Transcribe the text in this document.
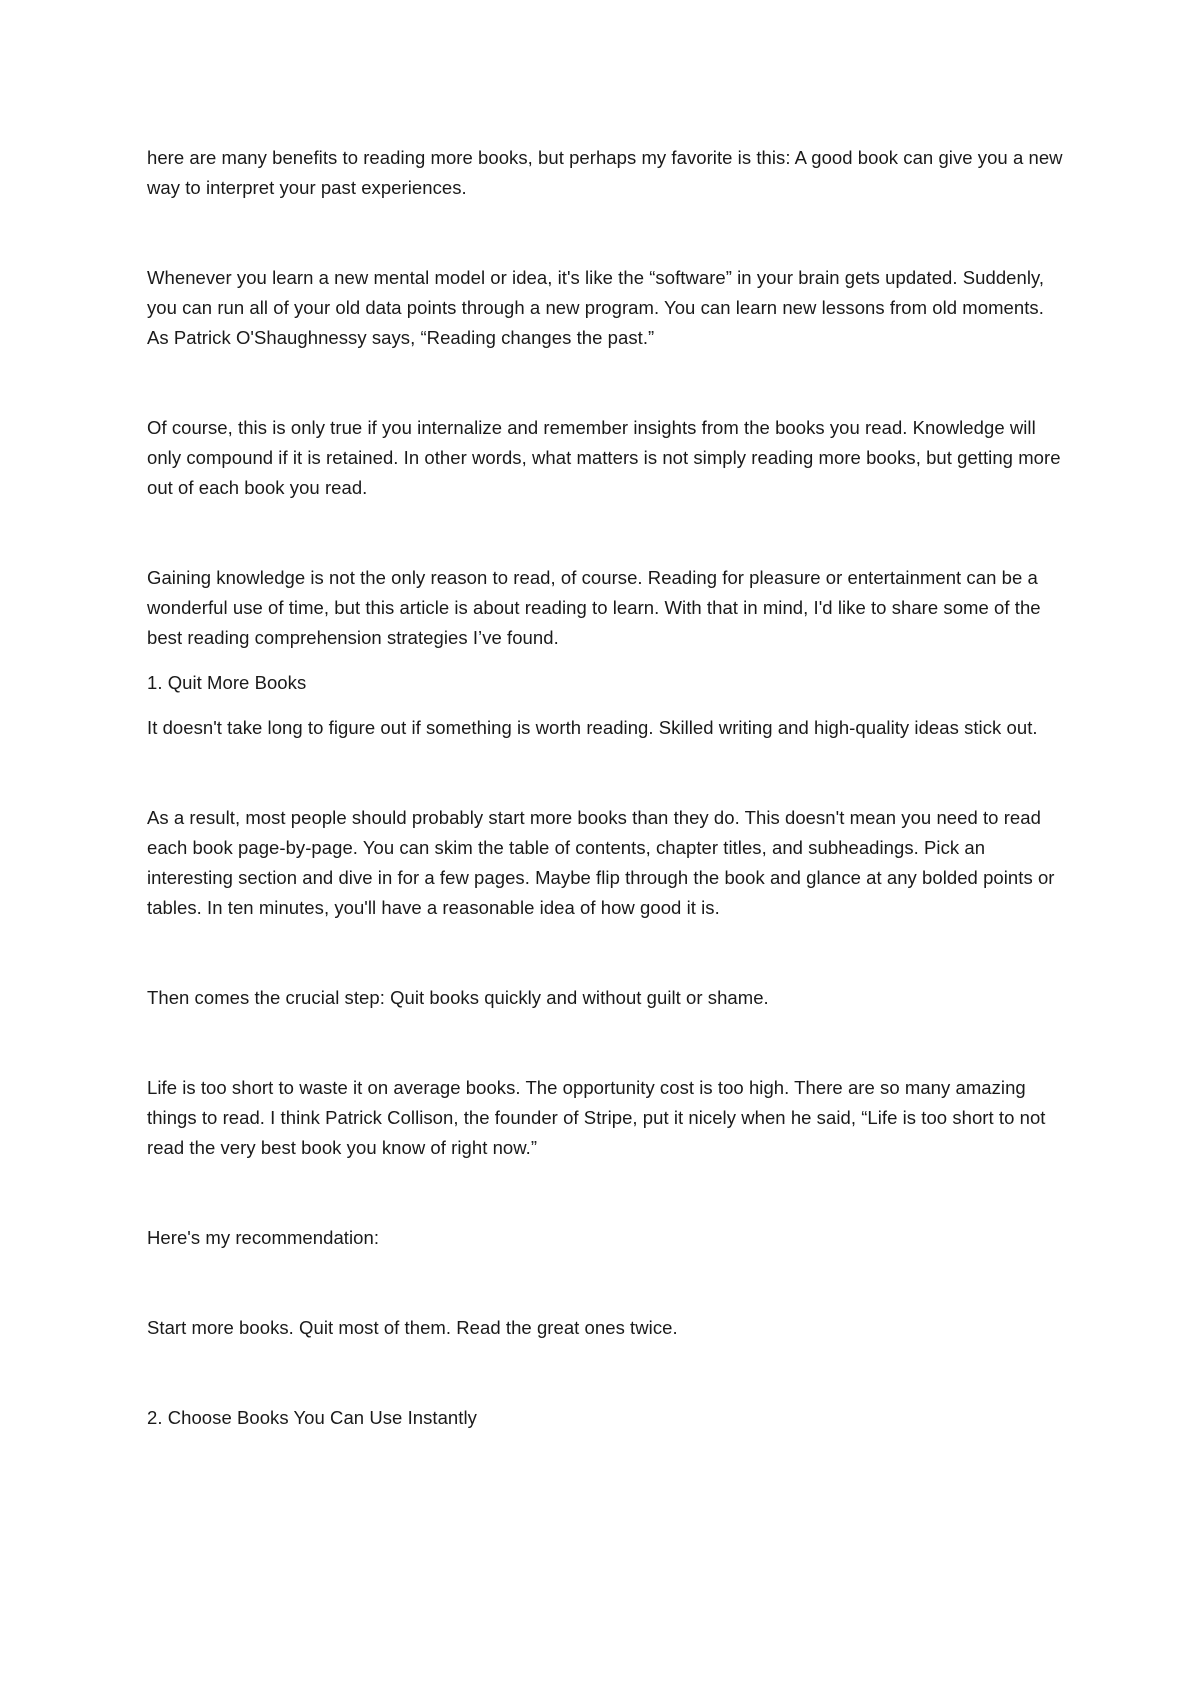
here are many benefits to reading more books, but perhaps my favorite is this: A good book can give you a new way to interpret your past experiences.

Whenever you learn a new mental model or idea, it's like the “software” in your brain gets updated. Suddenly, you can run all of your old data points through a new program. You can learn new lessons from old moments. As Patrick O'Shaughnessy says, “Reading changes the past.”

Of course, this is only true if you internalize and remember insights from the books you read. Knowledge will only compound if it is retained. In other words, what matters is not simply reading more books, but getting more out of each book you read.

Gaining knowledge is not the only reason to read, of course. Reading for pleasure or entertainment can be a wonderful use of time, but this article is about reading to learn. With that in mind, I'd like to share some of the best reading comprehension strategies I’ve found.

1. Quit More Books

It doesn't take long to figure out if something is worth reading. Skilled writing and high-quality ideas stick out.

As a result, most people should probably start more books than they do. This doesn't mean you need to read each book page-by-page. You can skim the table of contents, chapter titles, and subheadings. Pick an interesting section and dive in for a few pages. Maybe flip through the book and glance at any bolded points or tables. In ten minutes, you'll have a reasonable idea of how good it is.

Then comes the crucial step: Quit books quickly and without guilt or shame.

Life is too short to waste it on average books. The opportunity cost is too high. There are so many amazing things to read. I think Patrick Collison, the founder of Stripe, put it nicely when he said, “Life is too short to not read the very best book you know of right now.”

Here's my recommendation:

Start more books. Quit most of them. Read the great ones twice.

2. Choose Books You Can Use Instantly
